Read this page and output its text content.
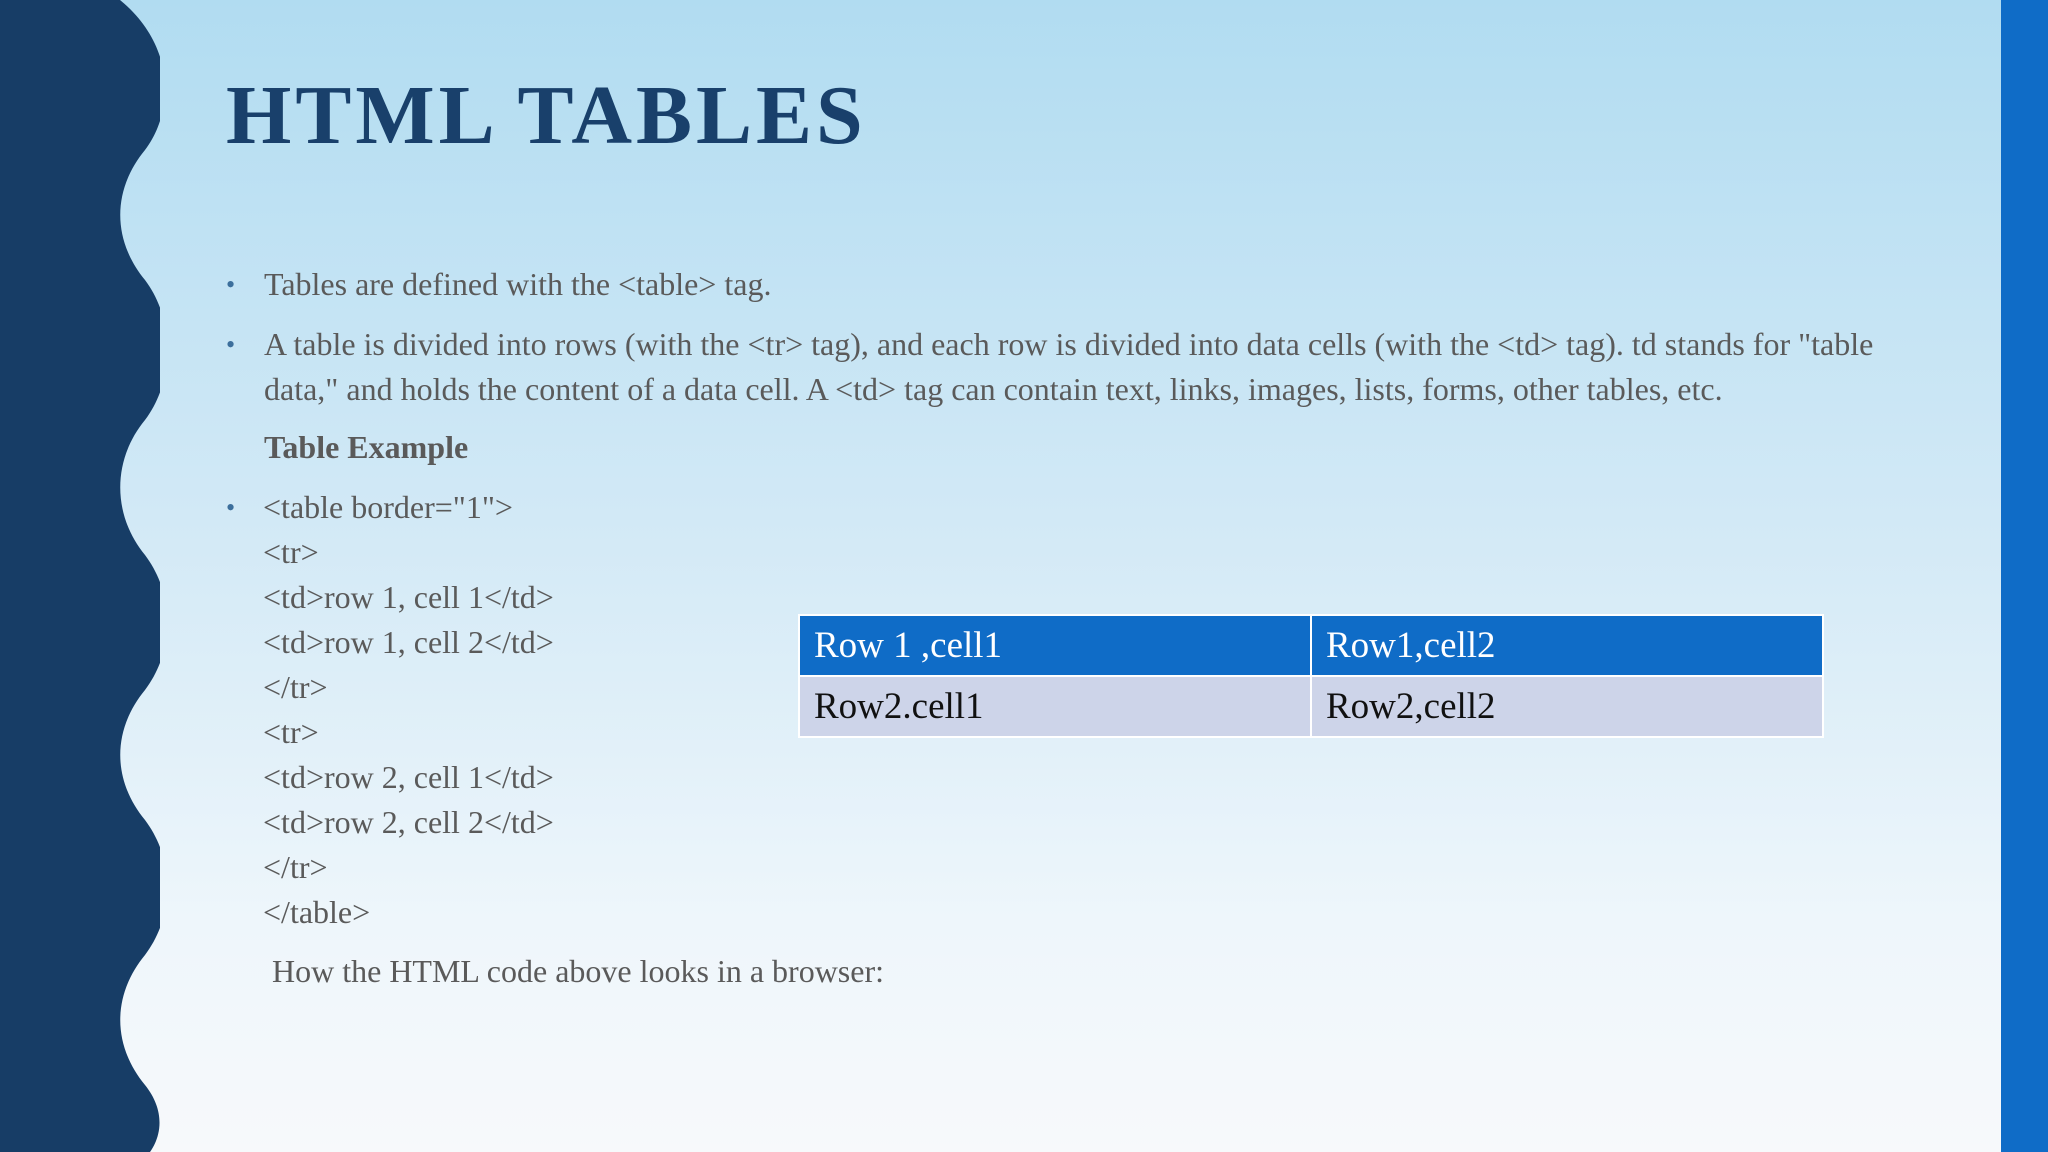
HTML TABLES
• Tables are defined with the <table> tag.

• A table is divided into rows (with the <tr> tag), and each row is divided into data cells (with the <td> tag). td stands for "table data," and holds the content of a data cell. A <td> tag can contain text, links, images, lists, forms, other tables, etc.

Table Example

• <table border="1">
<tr>
<td>row 1, cell 1</td>
<td>row 1, cell 2</td>
</tr>
<tr>
<td>row 2, cell 1</td>
<td>row 2, cell 2</td>
</tr>
</table>
How the HTML code above looks in a browser:
Row 1 ,cell1	Row1,cell2
Row2.cell1	Row2,cell2
